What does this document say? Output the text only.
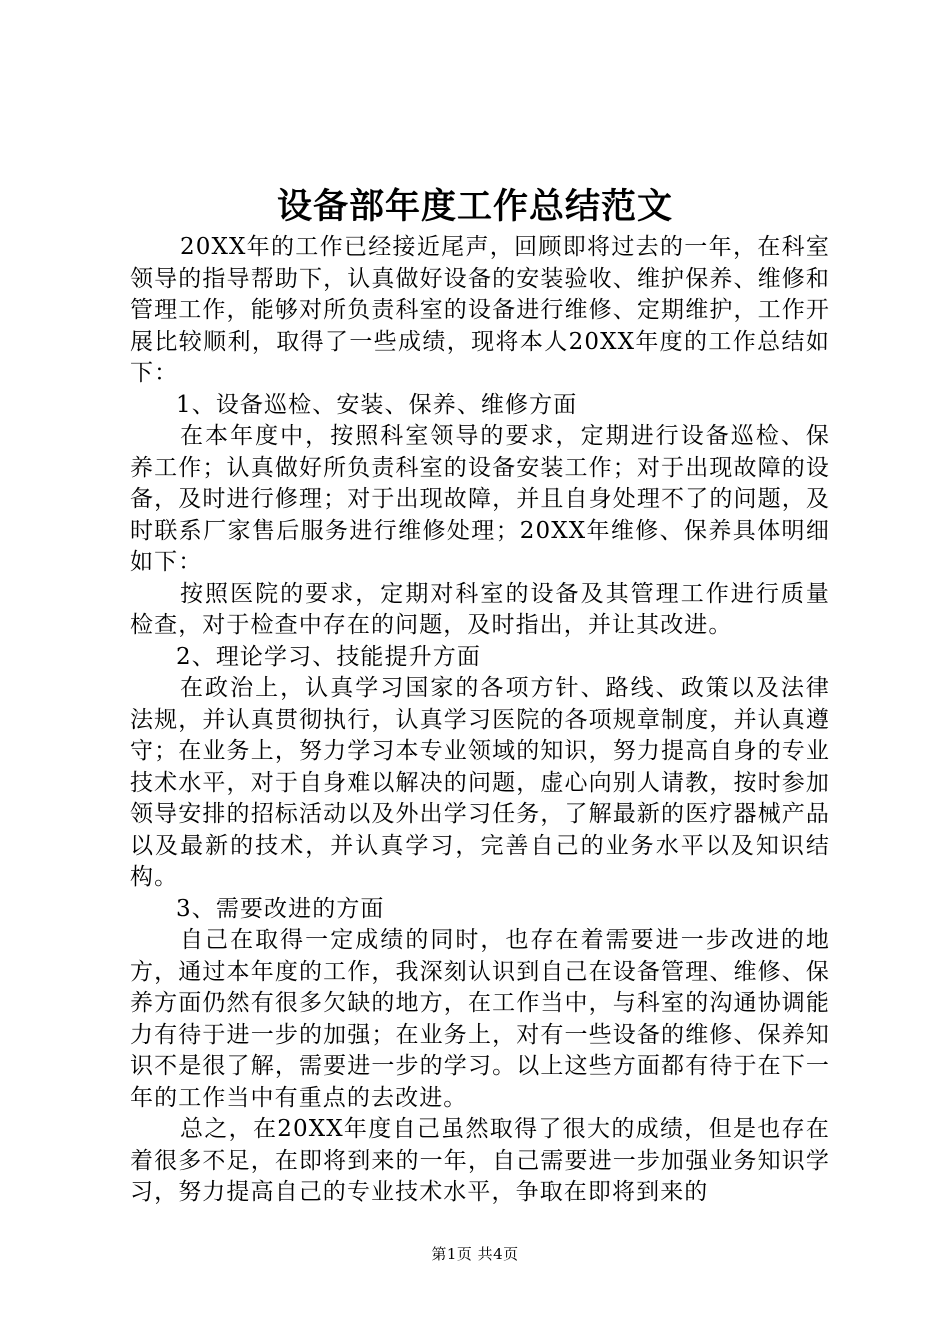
设备部年度工作总结范文

20XX年的工作已经接近尾声，回顾即将过去的一年，在科室领导的指导帮助下，认真做好设备的安装验收、维护保养、维修和管理工作，能够对所负责科室的设备进行维修、定期维护，工作开展比较顺利，取得了一些成绩，现将本人20XX年度的工作总结如下：

1、设备巡检、安装、保养、维修方面

在本年度中，按照科室领导的要求，定期进行设备巡检、保养工作；认真做好所负责科室的设备安装工作；对于出现故障的设备，及时进行修理；对于出现故障，并且自身处理不了的问题，及时联系厂家售后服务进行维修处理；20XX年维修、保养具体明细如下：

按照医院的要求，定期对科室的设备及其管理工作进行质量检查，对于检查中存在的问题，及时指出，并让其改进。

2、理论学习、技能提升方面

在政治上，认真学习国家的各项方针、路线、政策以及法律法规，并认真贯彻执行，认真学习医院的各项规章制度，并认真遵守；在业务上，努力学习本专业领域的知识，努力提高自身的专业技术水平，对于自身难以解决的问题，虚心向别人请教，按时参加领导安排的招标活动以及外出学习任务，了解最新的医疗器械产品以及最新的技术，并认真学习，完善自己的业务水平以及知识结构。

3、需要改进的方面

自己在取得一定成绩的同时，也存在着需要进一步改进的地方，通过本年度的工作，我深刻认识到自己在设备管理、维修、保养方面仍然有很多欠缺的地方，在工作当中，与科室的沟通协调能力有待于进一步的加强；在业务上，对有一些设备的维修、保养知识不是很了解，需要进一步的学习。以上这些方面都有待于在下一年的工作当中有重点的去改进。

总之，在20XX年度自己虽然取得了很大的成绩，但是也存在着很多不足，在即将到来的一年，自己需要进一步加强业务知识学习，努力提高自己的专业技术水平，争取在即将到来的

第1页 共4页
